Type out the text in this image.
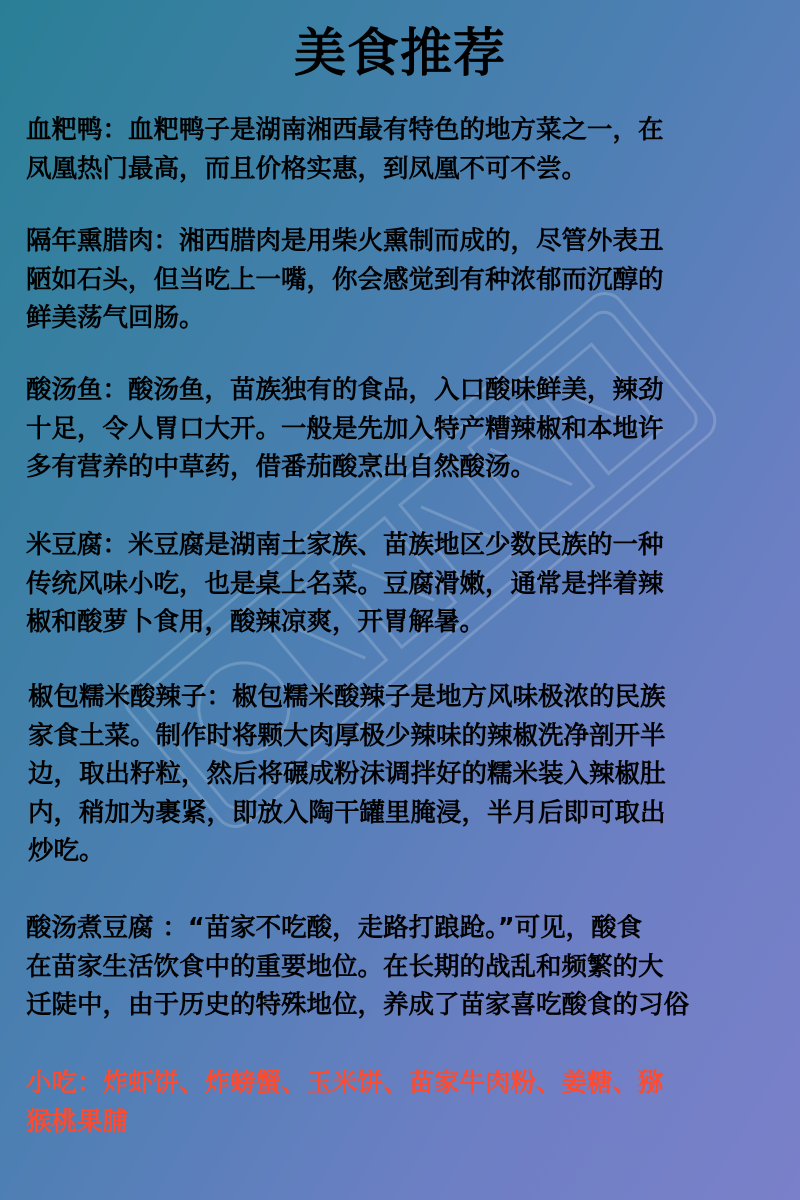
美食推荐
血粑鸭：血粑鸭子是湖南湘西最有特色的地方菜之一，在
凤凰热门最高，而且价格实惠，到凤凰不可不尝。
隔年熏腊肉：湘西腊肉是用柴火熏制而成的，尽管外表丑
陋如石头，但当吃上一嘴，你会感觉到有种浓郁而沉醇的
鲜美荡气回肠。
酸汤鱼：酸汤鱼，苗族独有的食品，入口酸味鲜美，辣劲
十足，令人胃口大开。一般是先加入特产糟辣椒和本地许
多有营养的中草药，借番茄酸烹出自然酸汤。
米豆腐：米豆腐是湖南土家族、苗族地区少数民族的一种
传统风味小吃，也是桌上名菜。豆腐滑嫩，通常是拌着辣
椒和酸萝卜食用，酸辣凉爽，开胃解暑。
椒包糯米酸辣子：椒包糯米酸辣子是地方风味极浓的民族
家食土菜。制作时将颗大肉厚极少辣味的辣椒洗净剖开半
边，取出籽粒，然后将碾成粉沫调拌好的糯米装入辣椒肚
内，稍加为裹紧，即放入陶干罐里腌浸，半月后即可取出
炒吃。
酸汤煮豆腐 ：“苗家不吃酸，走路打踉跄。”可见，酸食
在苗家生活饮食中的重要地位。在长期的战乱和频繁的大
迁陡中，由于历史的特殊地位，养成了苗家喜吃酸食的习俗
小吃：炸虾饼、炸螃蟹、玉米饼、苗家牛肉粉、姜糖、猕
猴桃果脯
